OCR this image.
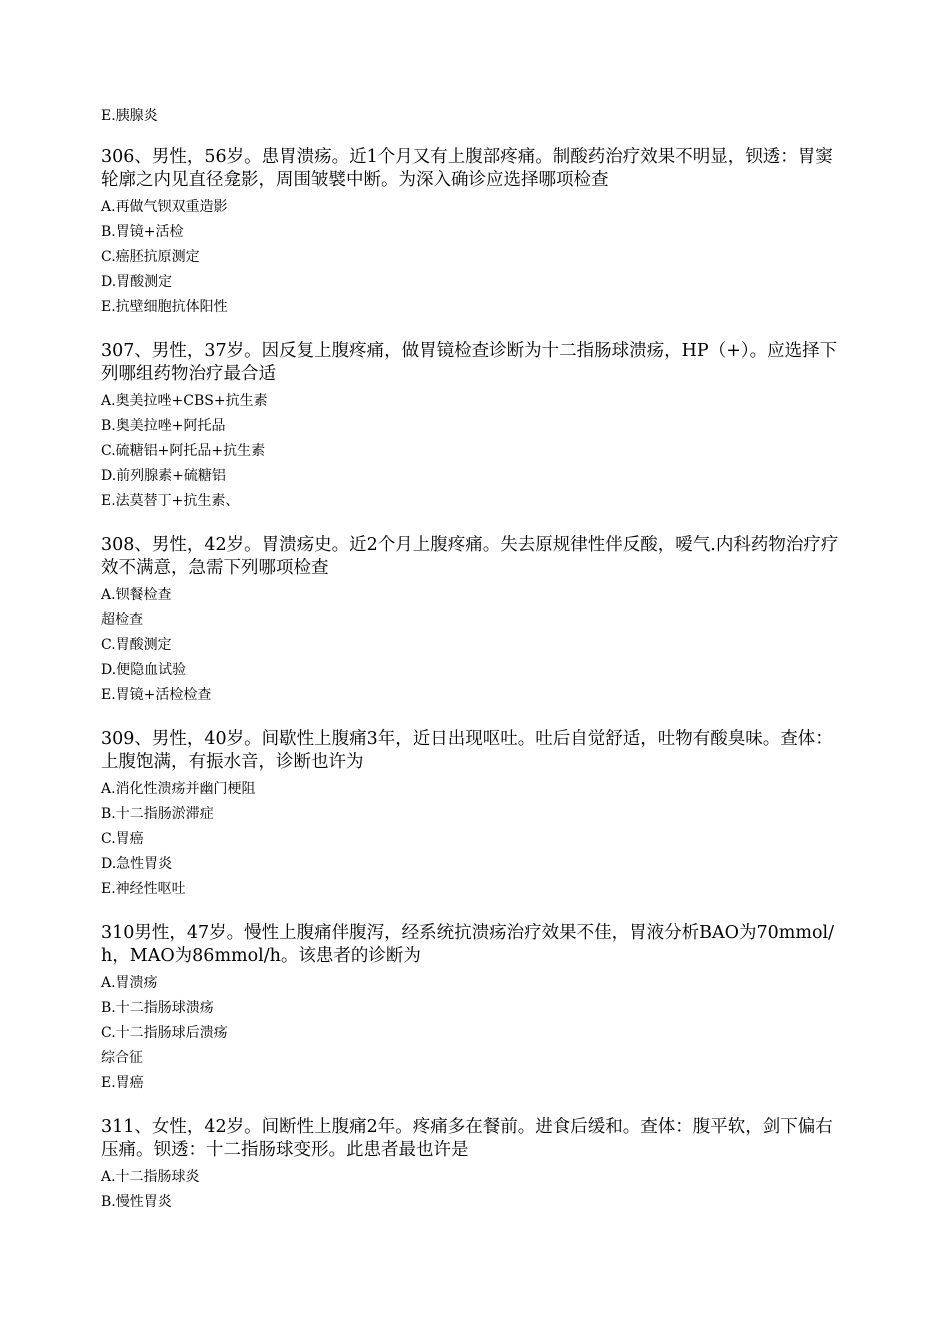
E.胰腺炎
306、男性，56岁。患胃溃疡。近1个月又有上腹部疼痛。制酸药治疗效果不明显，钡透：胃窦轮廓之内见直径龛影，周围皱襞中断。为深入确诊应选择哪项检查
A.再做气钡双重造影
B.胃镜+活检
C.癌胚抗原测定
D.胃酸测定
E.抗壁细胞抗体阳性
307、男性，37岁。因反复上腹疼痛，做胃镜检查诊断为十二指肠球溃疡，HP（+）。应选择下列哪组药物治疗最合适
A.奥美拉唑+CBS+抗生素
B.奥美拉唑+阿托品
C.硫糖铝+阿托品+抗生素
D.前列腺素+硫糖铝
E.法莫替丁+抗生素、
308、男性，42岁。胃溃疡史。近2个月上腹疼痛。失去原规律性伴反酸，嗳气.内科药物治疗疗效不满意，急需下列哪项检查
A.钡餐检查
超检查
C.胃酸测定
D.便隐血试验
E.胃镜+活检检查
309、男性，40岁。间歇性上腹痛3年，近日出现呕吐。吐后自觉舒适，吐物有酸臭味。查体：上腹饱满，有振水音，诊断也许为
A.消化性溃疡并幽门梗阻
B.十二指肠淤滞症
C.胃癌
D.急性胃炎
E.神经性呕吐
310男性，47岁。慢性上腹痛伴腹泻，经系统抗溃疡治疗效果不佳，胃液分析BAO为70mmol/h，MAO为86mmol/h。该患者的诊断为
A.胃溃疡
B.十二指肠球溃疡
C.十二指肠球后溃疡
综合征
E.胃癌
311、女性，42岁。间断性上腹痛2年。疼痛多在餐前。进食后缓和。查体：腹平软，剑下偏右压痛。钡透：十二指肠球变形。此患者最也许是
A.十二指肠球炎
B.慢性胃炎
